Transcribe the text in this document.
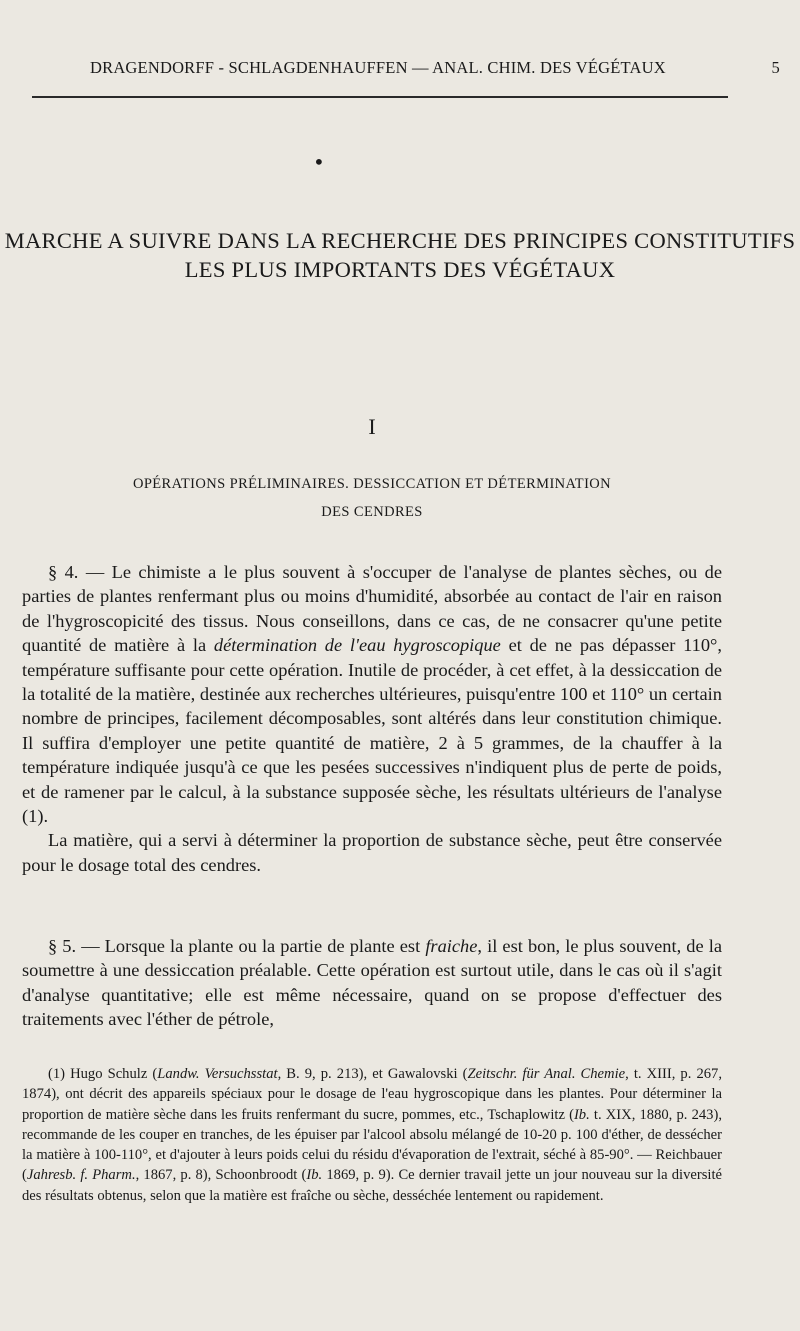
DRAGENDORFF - SCHLAGDENHAUFFEN — ANAL. CHIM. DES VÉGÉTAUX	5
•
MARCHE A SUIVRE DANS LA RECHERCHE DES PRINCIPES CONSTITUTIFS
LES PLUS IMPORTANTS DES VÉGÉTAUX
I
OPÉRATIONS PRÉLIMINAIRES. DESSICCATION ET DÉTERMINATION
DES CENDRES

§ 4. — Le chimiste a le plus souvent à s'occuper de l'analyse de plantes sèches, ou de parties de plantes renfermant plus ou moins d'humidité, absorbée au contact de l'air en raison de l'hygroscopicité des tissus. Nous conseillons, dans ce cas, de ne consacrer qu'une petite quantité de matière à la détermination de l'eau hygroscopique et de ne pas dépasser 110°, température suffisante pour cette opération. Inutile de procéder, à cet effet, à la dessiccation de la totalité de la matière, destinée aux recherches ultérieures, puisqu'entre 100 et 110° un certain nombre de principes, facilement décomposables, sont altérés dans leur constitution chimique. Il suffira d'employer une petite quantité de matière, 2 à 5 grammes, de la chauffer à la température indiquée jusqu'à ce que les pesées successives n'indiquent plus de perte de poids, et de ramener par le calcul, à la substance supposée sèche, les résultats ultérieurs de l'analyse (1).

La matière, qui a servi à déterminer la proportion de substance sèche, peut être conservée pour le dosage total des cendres.

§ 5. — Lorsque la plante ou la partie de plante est fraiche, il est bon, le plus souvent, de la soumettre à une dessiccation préalable. Cette opération est surtout utile, dans le cas où il s'agit d'analyse quantitative; elle est même nécessaire, quand on se propose d'effectuer des traitements avec l'éther de pétrole,

(1) Hugo Schulz (Landw. Versuchsstat, B. 9, p. 213), et Gawalovski (Zeitschr. für Anal. Chemie, t. XIII, p. 267, 1874), ont décrit des appareils spéciaux pour le dosage de l'eau hygroscopique dans les plantes. Pour déterminer la proportion de matière sèche dans les fruits renfermant du sucre, pommes, etc., Tschaplowitz (Ib. t. XIX, 1880, p. 243), recommande de les couper en tranches, de les épuiser par l'alcool absolu mélangé de 10-20 p. 100 d'éther, de dessécher la matière à 100-110°, et d'ajouter à leurs poids celui du résidu d'évaporation de l'extrait, séché à 85-90°. — Reichbauer (Jahresb. f. Pharm., 1867, p. 8), Schoonbroodt (Ib. 1869, p. 9). Ce dernier travail jette un jour nouveau sur la diversité des résultats obtenus, selon que la matière est fraîche ou sèche, desséchée lentement ou rapidement.
